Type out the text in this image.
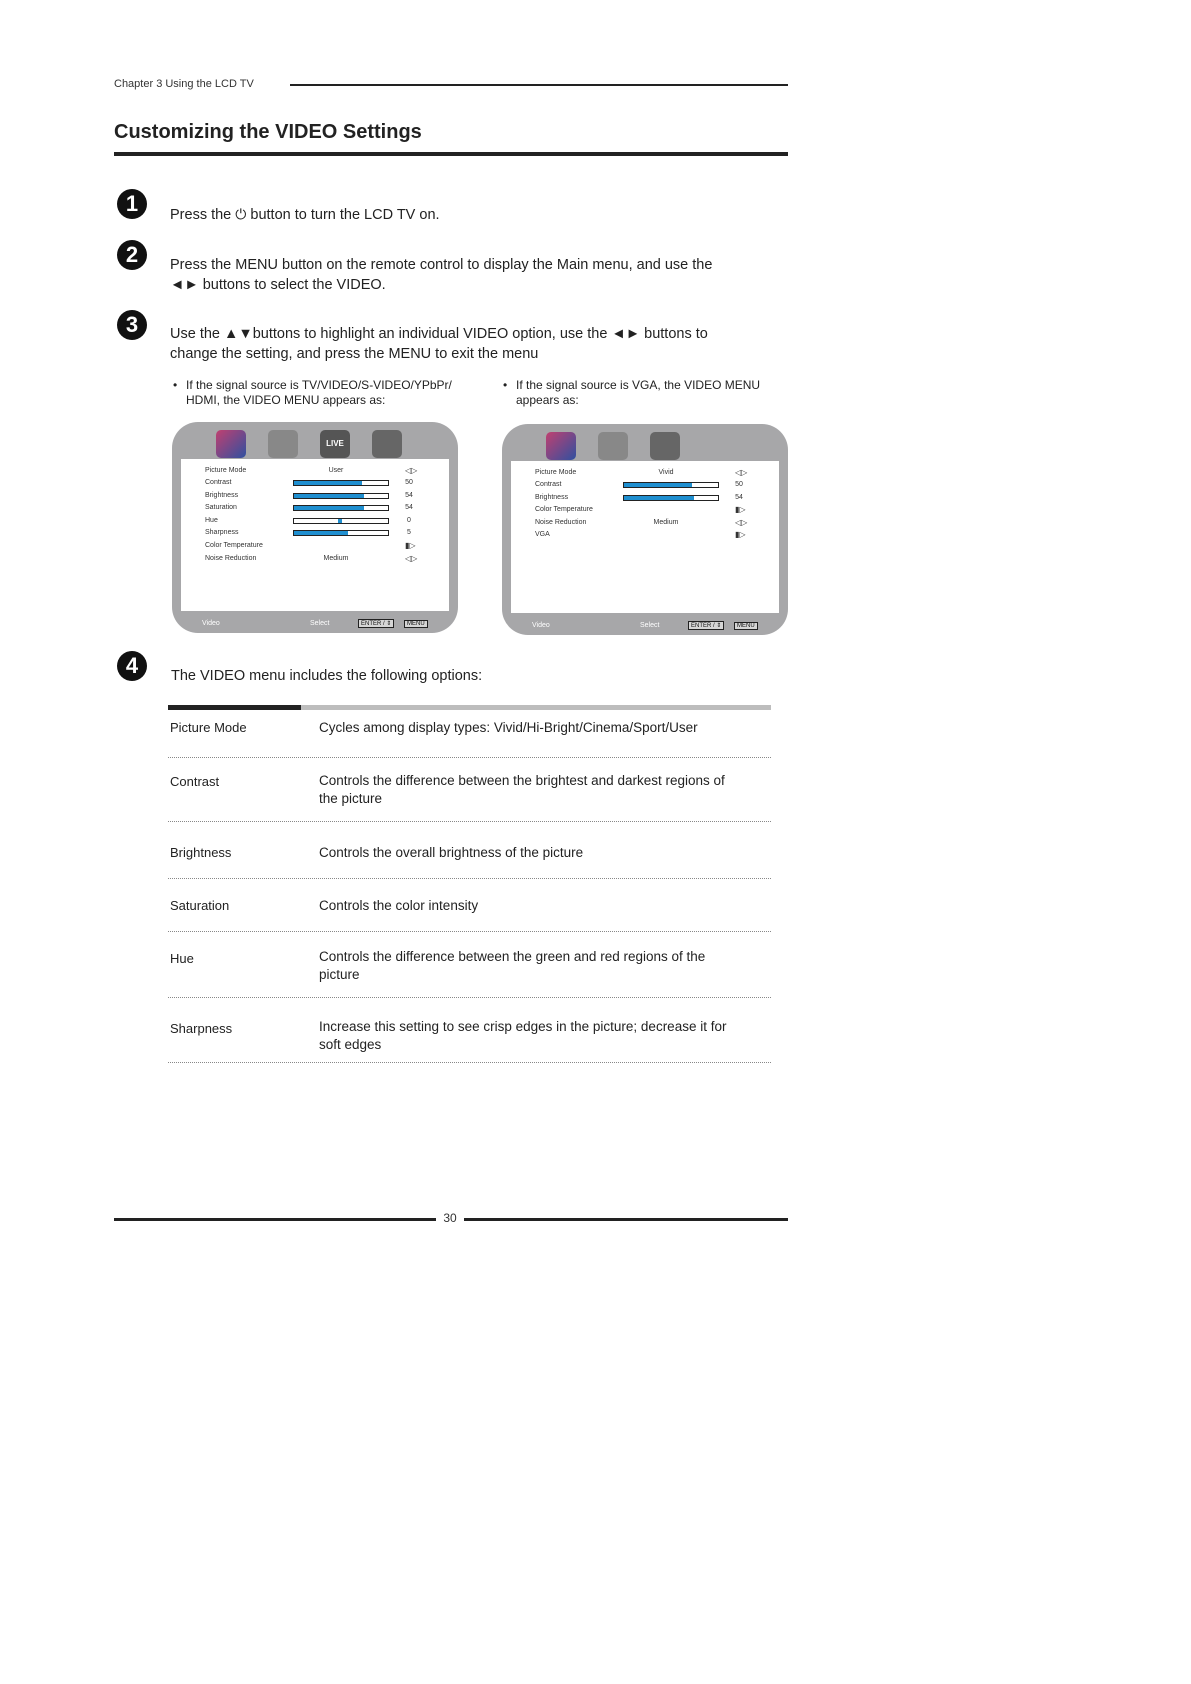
Chapter 3 Using the LCD TV
Customizing the VIDEO Settings
1	Press the ⏻ button to turn the LCD TV on.
2	Press the MENU button on the remote control to display the Main menu, and use the
◄► buttons to select the VIDEO.
3	Use the ▲▼buttons to highlight an individual VIDEO option, use the ◄► buttons to
change the setting, and press the MENU to exit the menu
• If the signal source is TV/VIDEO/S-VIDEO/YPbPr/
HDMI, the VIDEO MENU appears as:
• If the signal source is VGA, the VIDEO MENU
appears as:
LIVE
Picture Mode	User	◁▷
Contrast	50
Brightness	54
Saturation	54
Hue	0
Sharpness	5
Color Temperature	▮▷
Noise Reduction	Medium	◁▷
Video	Select	ENTER / ⇕	MENU
Picture Mode	Vivid	◁▷
Contrast	50
Brightness	54
Color Temperature	▮▷
Noise Reduction	Medium	◁▷
VGA	▮▷
Video	Select	ENTER / ⇕	MENU
4	The VIDEO menu includes the following options:
Picture Mode	Cycles among display types: Vivid/Hi-Bright/Cinema/Sport/User
Contrast	Controls the difference between the brightest and darkest regions of
the picture
Brightness	Controls the overall brightness of the picture
Saturation	Controls the color intensity
Hue	Controls the difference between the green and red regions of the
picture
Sharpness	Increase this setting to see crisp edges in the picture; decrease it for
soft edges
30
